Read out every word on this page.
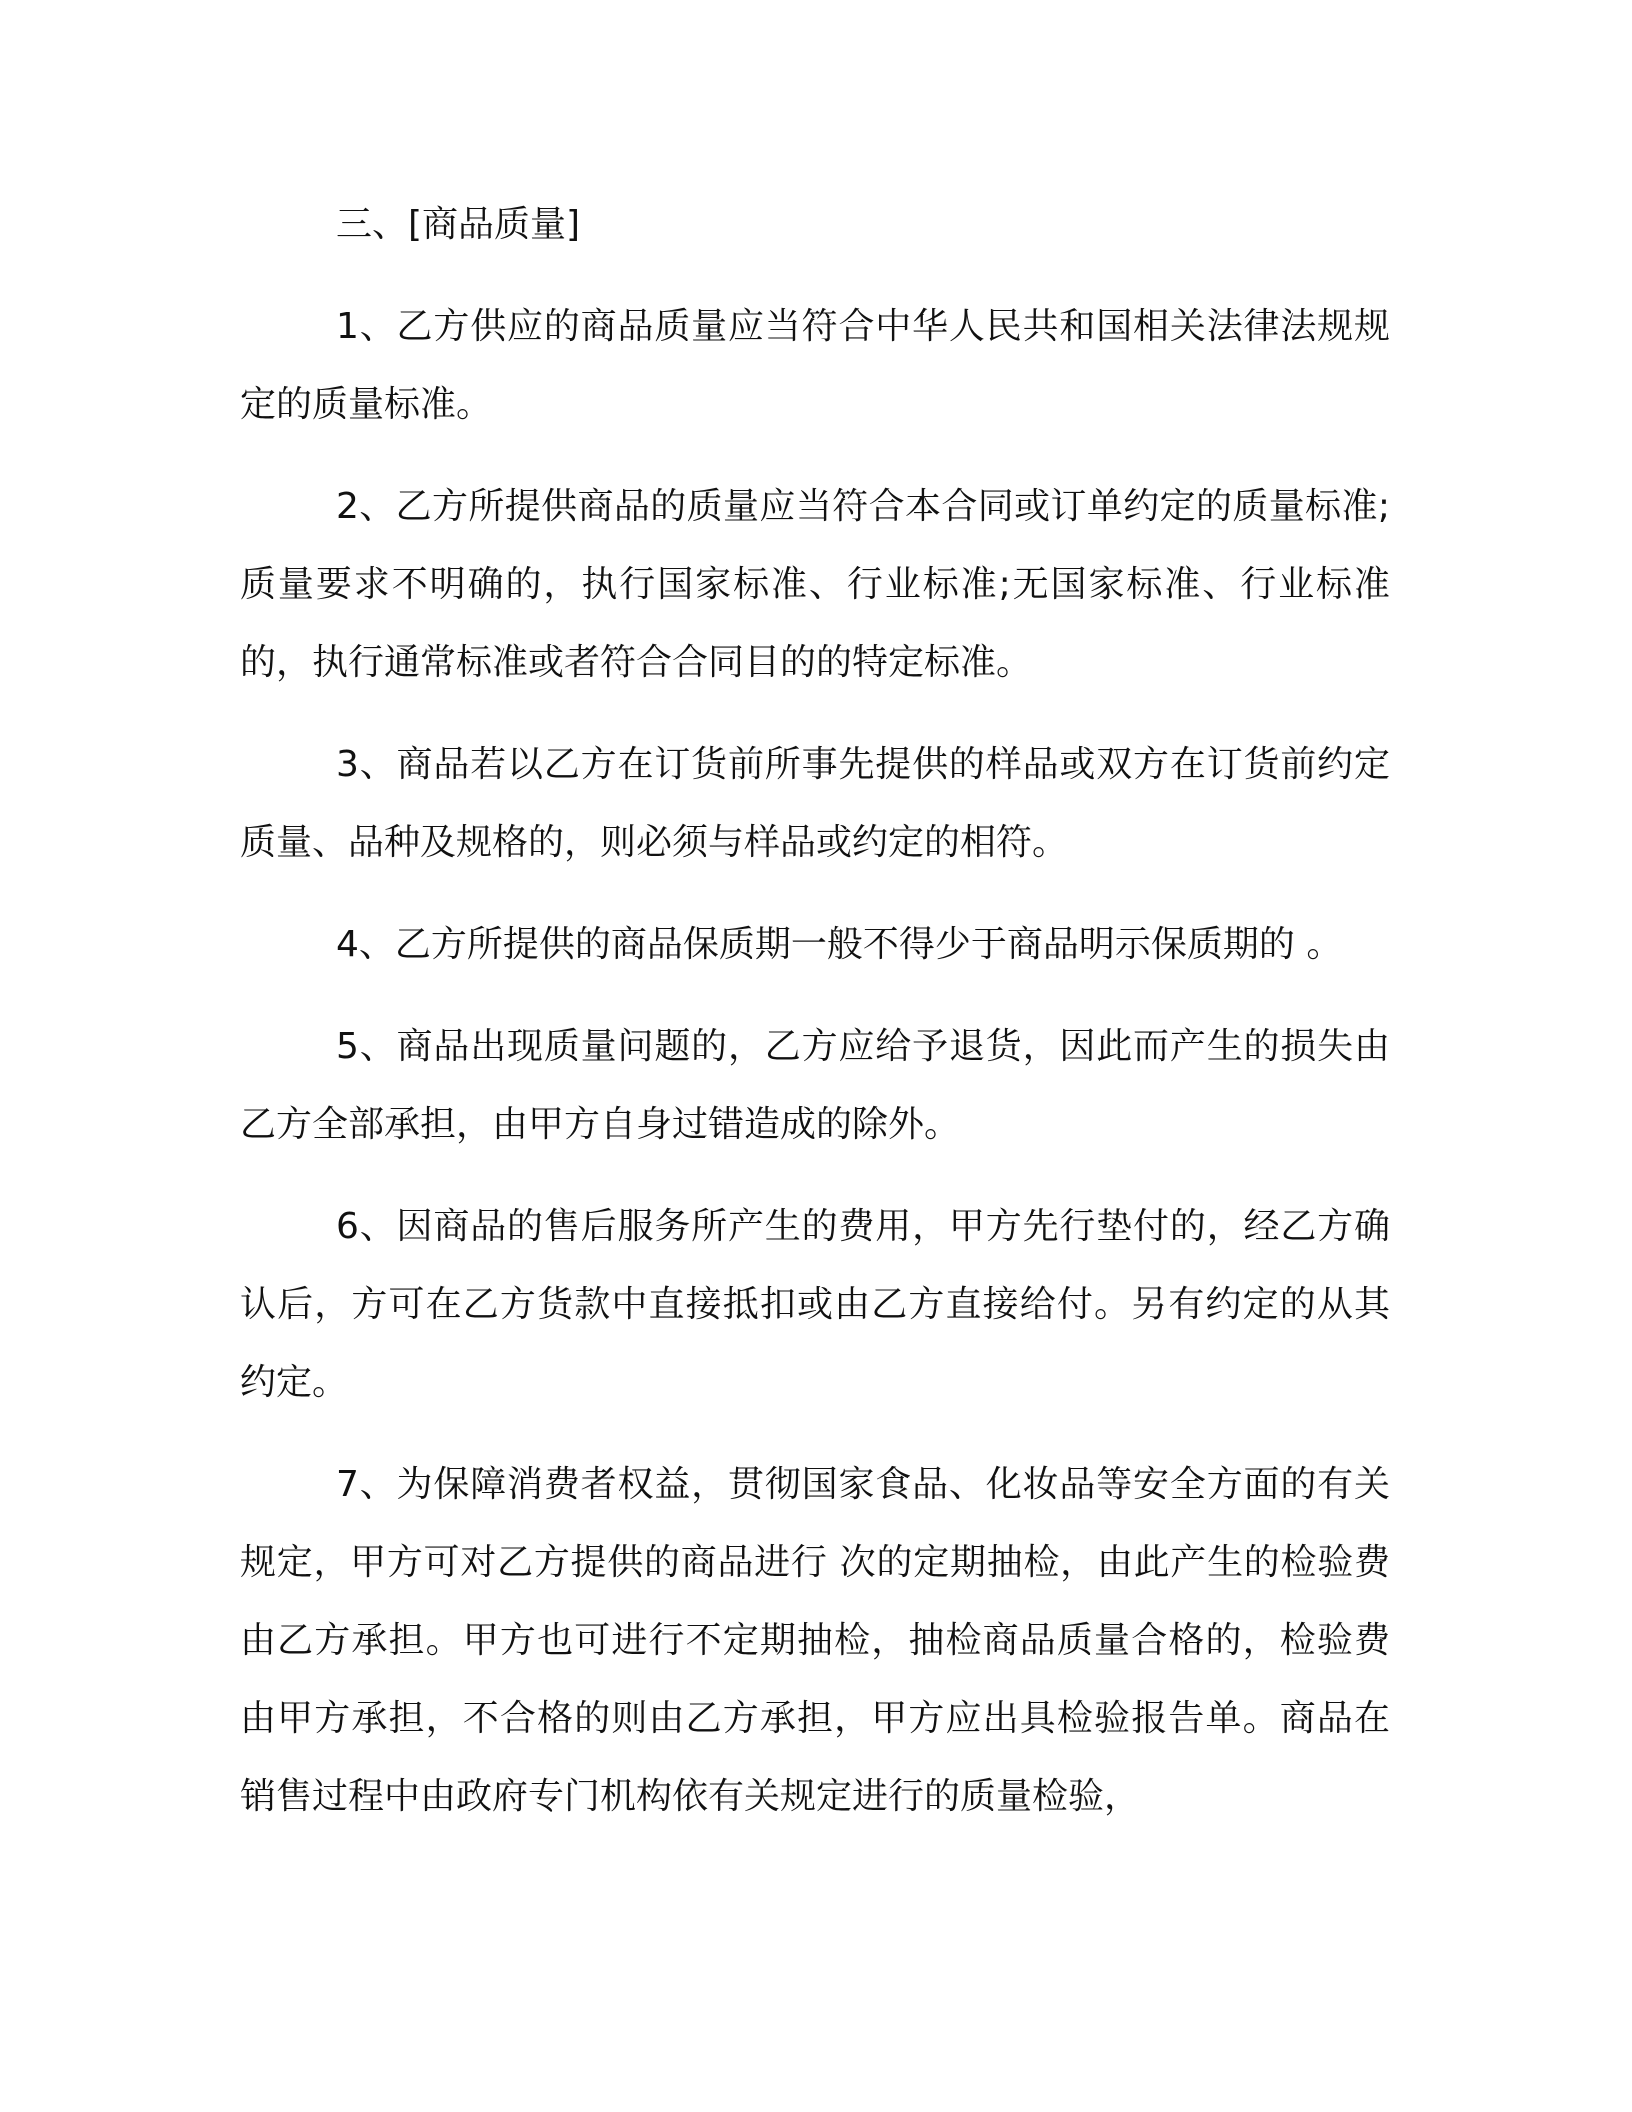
三、[商品质量]

1、乙方供应的商品质量应当符合中华人民共和国相关法律法规规定的质量标准。

2、乙方所提供商品的质量应当符合本合同或订单约定的质量标准;质量要求不明确的，执行国家标准、行业标准;无国家标准、行业标准的，执行通常标准或者符合合同目的的特定标准。

3、商品若以乙方在订货前所事先提供的样品或双方在订货前约定质量、品种及规格的，则必须与样品或约定的相符。

4、乙方所提供的商品保质期一般不得少于商品明示保质期的 。

5、商品出现质量问题的，乙方应给予退货，因此而产生的损失由乙方全部承担，由甲方自身过错造成的除外。

6、因商品的售后服务所产生的费用，甲方先行垫付的，经乙方确认后，方可在乙方货款中直接抵扣或由乙方直接给付。另有约定的从其约定。

7、为保障消费者权益，贯彻国家食品、化妆品等安全方面的有关规定，甲方可对乙方提供的商品进行 次的定期抽检，由此产生的检验费由乙方承担。甲方也可进行不定期抽检，抽检商品质量合格的，检验费由甲方承担，不合格的则由乙方承担，甲方应出具检验报告单。商品在销售过程中由政府专门机构依有关规定进行的质量检验，
